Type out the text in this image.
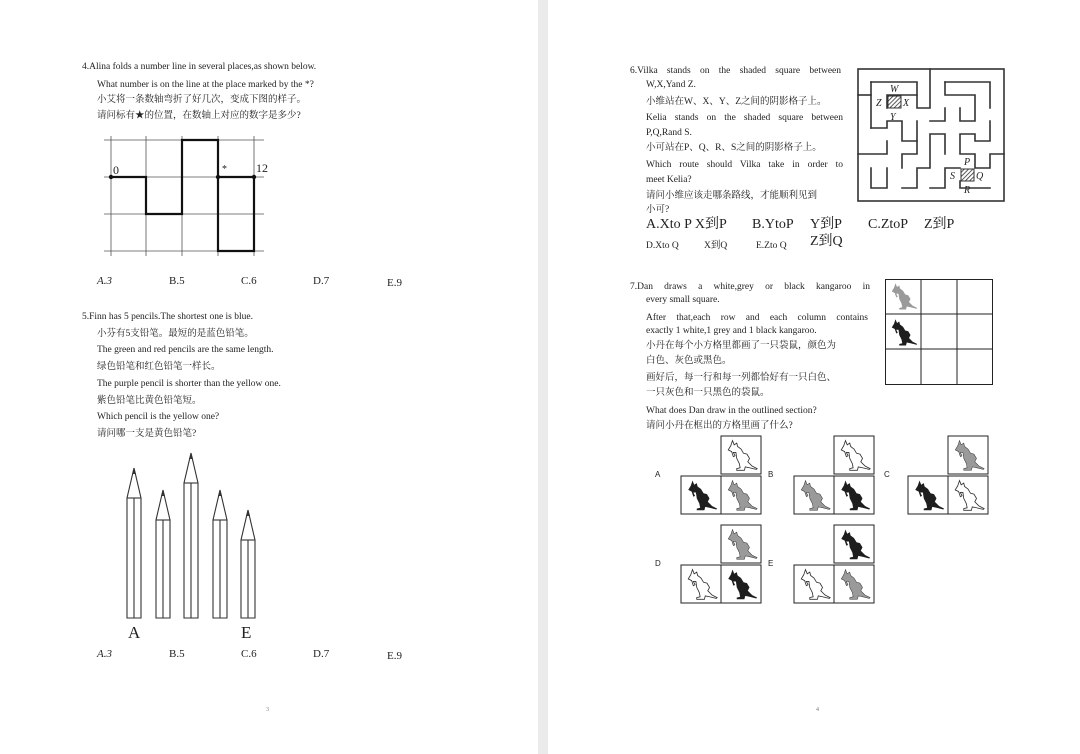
4.Alina folds a number line in several places,as shown below.
What number is on the line at the place marked by the *?
小艾将一条数轴弯折了好几次，变成下图的样子。
请问标有★的位置，在数轴上对应的数字是多少?
0	* 12
A.3	B.5	C.6	D.7	E.9
5.Finn has 5 pencils.The shortest one is blue.
小芬有5支铅笔。最短的是蓝色铅笔。
The green and red pencils are the same length.
绿色铅笔和红色铅笔一样长。
The purple pencil is shorter than the yellow one.
紫色铅笔比黄色铅笔短。
Which pencil is the yellow one?
请问哪一支是黄色铅笔?
A	E
A.3	B.5	C.6	D.7	E.9
3
6.Vilka stands on the shaded square between
W,X,Yand Z.
小维站在W、X、Y、Z之间的阴影格子上。
Kelia stands on the shaded square between
P,Q,Rand S.
小可站在P、Q、R、S之间的阴影格子上。
Which route should Vilka take in order to
meet Kelia?
请问小维应该走哪条路线，才能顺利见到
小可?
W
Z X
Y
P
S Q
R
A.Xto P X到P B.YtoP Y到P C.ZtoP Z到P
D.Xto Q	X到Q	E.Zto Q Z到Q
7.Dan draws a white,grey or black kangaroo in
every small square.
After that,each row and each column contains
exactly 1 white,1 grey and 1 black kangaroo.
小丹在每个小方格里都画了一只袋鼠，颜色为
白色、灰色或黑色。
画好后，每一行和每一列都恰好有一只白色、
一只灰色和一只黑色的袋鼠。
What does Dan draw in the outlined section?
请问小丹在框出的方格里画了什么?
A	B	C
D	E
4
